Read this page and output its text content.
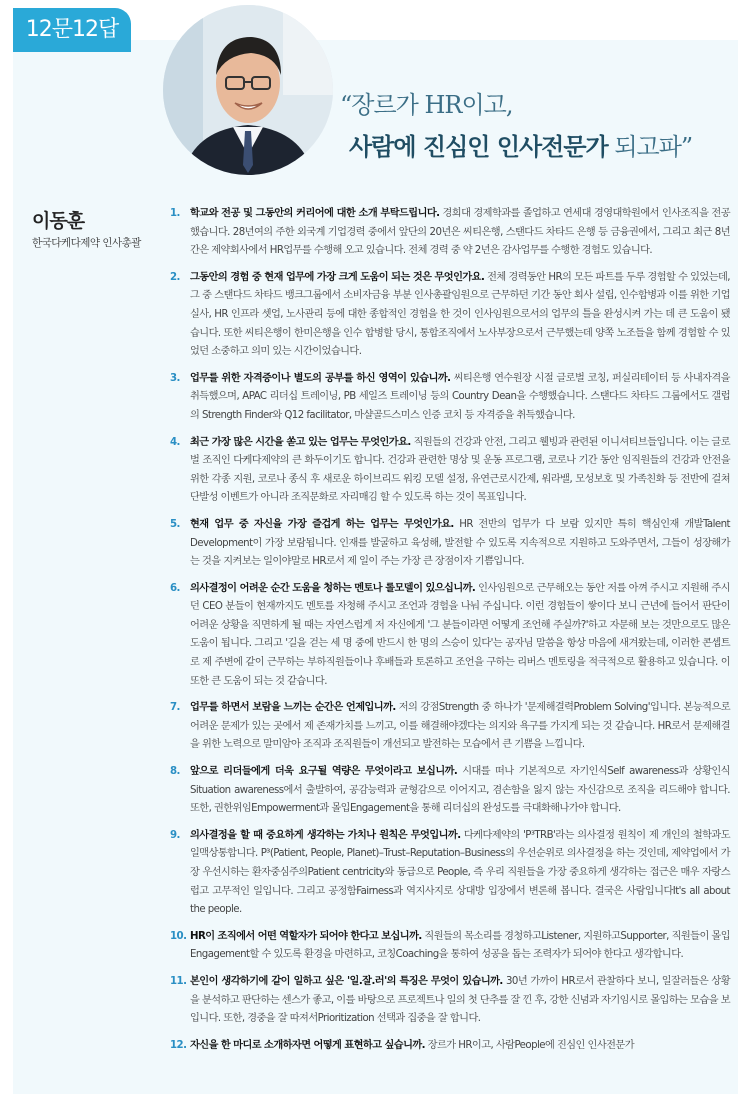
12문12답
“장르가 HR이고,
사람에 진심인 인사전문가 되고파”
이동훈
한국다케다제약 인사총괄
1. 학교와 전공 및 그동안의 커리어에 대한 소개 부탁드립니다. 경희대 경제학과를 졸업하고 연세대 경영대학원에서 인사조직을 전공했습니다. 28년여의 주한 외국계 기업경력 중에서 앞단의 20년은 씨티은행, 스탠다드 차타드 은행 등 금융권에서, 그리고 최근 8년간은 제약회사에서 HR업무를 수행해 오고 있습니다. 전체 경력 중 약 2년은 감사업무를 수행한 경험도 있습니다.
2. 그동안의 경험 중 현재 업무에 가장 크게 도움이 되는 것은 무엇인가요. 전체 경력동안 HR의 모든 파트를 두루 경험할 수 있었는데, 그 중 스탠다드 차타드 뱅크그룹에서 소비자금융 부분 인사총괄임원으로 근무하던 기간 동안 회사 설립, 인수합병과 이를 위한 기업실사, HR 인프라 셋업, 노사관리 등에 대한 종합적인 경험을 한 것이 인사임원으로서의 업무의 틀을 완성시켜 가는 데 큰 도움이 됐습니다. 또한 씨티은행이 한미은행을 인수 합병할 당시, 통합조직에서 노사부장으로서 근무했는데 양쪽 노조들을 함께 경험할 수 있었던 소중하고 의미 있는 시간이었습니다.
3. 업무를 위한 자격증이나 별도의 공부를 하신 영역이 있습니까. 씨티은행 연수원장 시절 글로벌 코칭, 퍼실리테이터 등 사내자격을 취득했으며, APAC 리더십 트레이닝, PB 세일즈 트레이닝 등의 Country Dean을 수행했습니다. 스탠다드 차타드 그룹에서도 갤럽의 Strength Finder와 Q12 facilitator, 마샬골드스미스 인증 코치 등 자격증을 취득했습니다.
4. 최근 가장 많은 시간을 쏟고 있는 업무는 무엇인가요. 직원들의 건강과 안전, 그리고 웰빙과 관련된 이니셔티브들입니다. 이는 글로벌 조직인 다케다제약의 큰 화두이기도 합니다. 건강과 관련한 명상 및 운동 프로그램, 코로나 기간 동안 임직원들의 건강과 안전을 위한 각종 지원, 코로나 종식 후 새로운 하이브리드 워킹 모델 설정, 유연근로시간제, 워라밸, 모성보호 및 가족친화 등 전반에 걸쳐 단발성 이벤트가 아니라 조직문화로 자리매김 할 수 있도록 하는 것이 목표입니다.
5. 현재 업무 중 자신을 가장 즐겁게 하는 업무는 무엇인가요. HR 전반의 업무가 다 보람 있지만 특히 핵심인재 개발Talent Development이 가장 보람됩니다. 인재를 발굴하고 육성해, 발전할 수 있도록 지속적으로 지원하고 도와주면서, 그들이 성장해가는 것을 지켜보는 일이야말로 HR로서 제 일이 주는 가장 큰 장점이자 기쁨입니다.
6. 의사결정이 어려운 순간 도움을 청하는 멘토나 롤모델이 있으십니까. 인사임원으로 근무해오는 동안 저를 아껴 주시고 지원해 주시던 CEO 분들이 현재까지도 멘토를 자청해 주시고 조언과 경험을 나눠 주십니다. 이런 경험들이 쌓이다 보니 근년에 들어서 판단이 어려운 상황을 직면하게 될 때는 자연스럽게 저 자신에게 '그 분들이라면 어떻게 조언해 주실까?'하고 자문해 보는 것만으로도 많은 도움이 됩니다. 그리고 '길을 걷는 세 명 중에 반드시 한 명의 스승이 있다'는 공자님 말씀을 항상 마음에 새겨왔는데, 이러한 콘셉트로 제 주변에 같이 근무하는 부하직원들이나 후배들과 토론하고 조언을 구하는 리버스 멘토링을 적극적으로 활용하고 있습니다. 이 또한 큰 도움이 되는 것 같습니다.
7. 업무를 하면서 보람을 느끼는 순간은 언제입니까. 저의 강점Strength 중 하나가 '문제해결력Problem Solving'입니다. 본능적으로 어려운 문제가 있는 곳에서 제 존재가치를 느끼고, 이를 해결해야겠다는 의지와 욕구를 가지게 되는 것 같습니다. HR로서 문제해결을 위한 노력으로 말미암아 조직과 조직원들이 개선되고 발전하는 모습에서 큰 기쁨을 느낍니다.
8. 앞으로 리더들에게 더욱 요구될 역량은 무엇이라고 보십니까. 시대를 떠나 기본적으로 자기인식Self awareness과 상황인식Situation awareness에서 출발하여, 공감능력과 균형감으로 이어지고, 겸손함을 잃지 않는 자신감으로 조직을 리드해야 합니다. 또한, 권한위임Empowerment과 몰입Engagement을 통해 리더십의 완성도를 극대화해나가야 합니다.
9. 의사결정을 할 때 중요하게 생각하는 가치나 원칙은 무엇입니까. 다케다제약의 'P³TRB'라는 의사결정 원칙이 제 개인의 철학과도 일맥상통합니다. P³(Patient, People, Planet)–Trust–Reputation–Business의 우선순위로 의사결정을 하는 것인데, 제약업에서 가장 우선시하는 환자중심주의Patient centricity와 동급으로 People, 즉 우리 직원들을 가장 중요하게 생각하는 접근은 매우 자랑스럽고 고무적인 일입니다. 그리고 공정함Fairness과 역지사지로 상대방 입장에서 변론해 봅니다. 결국은 사람입니다It's all about the people.
10. HR이 조직에서 어떤 역할자가 되어야 한다고 보십니까. 직원들의 목소리를 경청하고Listener, 지원하고Supporter, 직원들이 몰입Engagement할 수 있도록 환경을 마련하고, 코칭Coaching을 통하여 성공을 돕는 조력자가 되어야 한다고 생각합니다.
11. 본인이 생각하기에 같이 일하고 싶은 '일.잘.러'의 특징은 무엇이 있습니까. 30년 가까이 HR로서 관찰하다 보니, 일잘러들은 상황을 분석하고 판단하는 센스가 좋고, 이를 바탕으로 프로젝트나 일의 첫 단추를 잘 낀 후, 강한 신념과 자기임시로 몰입하는 모습을 보입니다. 또한, 경중을 잘 따져서Prioritization 선택과 집중을 잘 합니다.
12. 자신을 한 마디로 소개하자면 어떻게 표현하고 싶습니까. 장르가 HR이고, 사람People에 진심인 인사전문가
